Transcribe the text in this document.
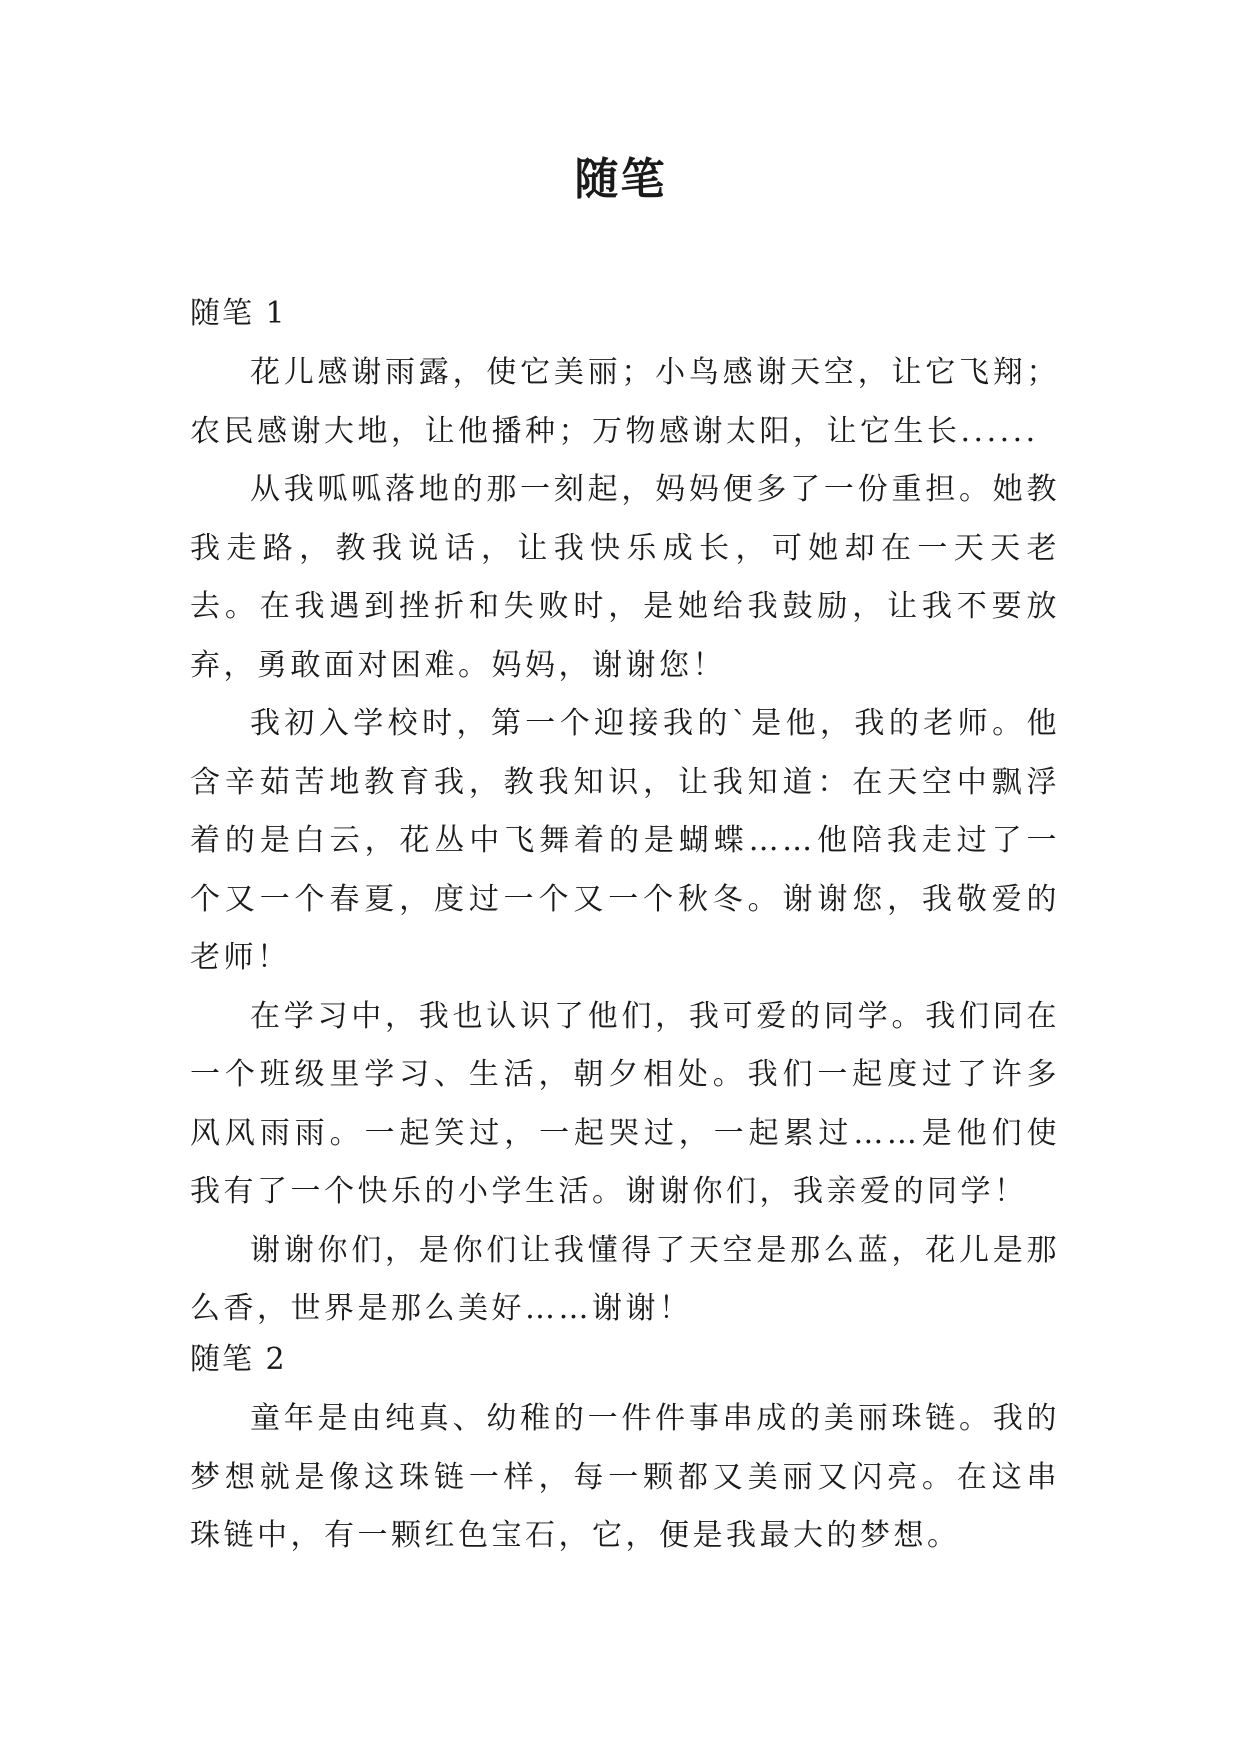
随笔
随笔 1

花儿感谢雨露，使它美丽；小鸟感谢天空，让它飞翔；农民感谢大地，让他播种；万物感谢太阳，让它生长......

从我呱呱落地的那一刻起，妈妈便多了一份重担。她教我走路，教我说话，让我快乐成长，可她却在一天天老去。在我遇到挫折和失败时，是她给我鼓励，让我不要放弃，勇敢面对困难。妈妈，谢谢您！

我初入学校时，第一个迎接我的`是他，我的老师。他含辛茹苦地教育我，教我知识，让我知道：在天空中飘浮着的是白云，花丛中飞舞着的是蝴蝶……他陪我走过了一个又一个春夏，度过一个又一个秋冬。谢谢您，我敬爱的老师！

在学习中，我也认识了他们，我可爱的同学。我们同在一个班级里学习、生活，朝夕相处。我们一起度过了许多风风雨雨。一起笑过，一起哭过，一起累过……是他们使我有了一个快乐的小学生活。谢谢你们，我亲爱的同学！

谢谢你们，是你们让我懂得了天空是那么蓝，花儿是那么香，世界是那么美好……谢谢！

随笔 2

童年是由纯真、幼稚的一件件事串成的美丽珠链。我的梦想就是像这珠链一样，每一颗都又美丽又闪亮。在这串珠链中，有一颗红色宝石，它，便是我最大的梦想。
